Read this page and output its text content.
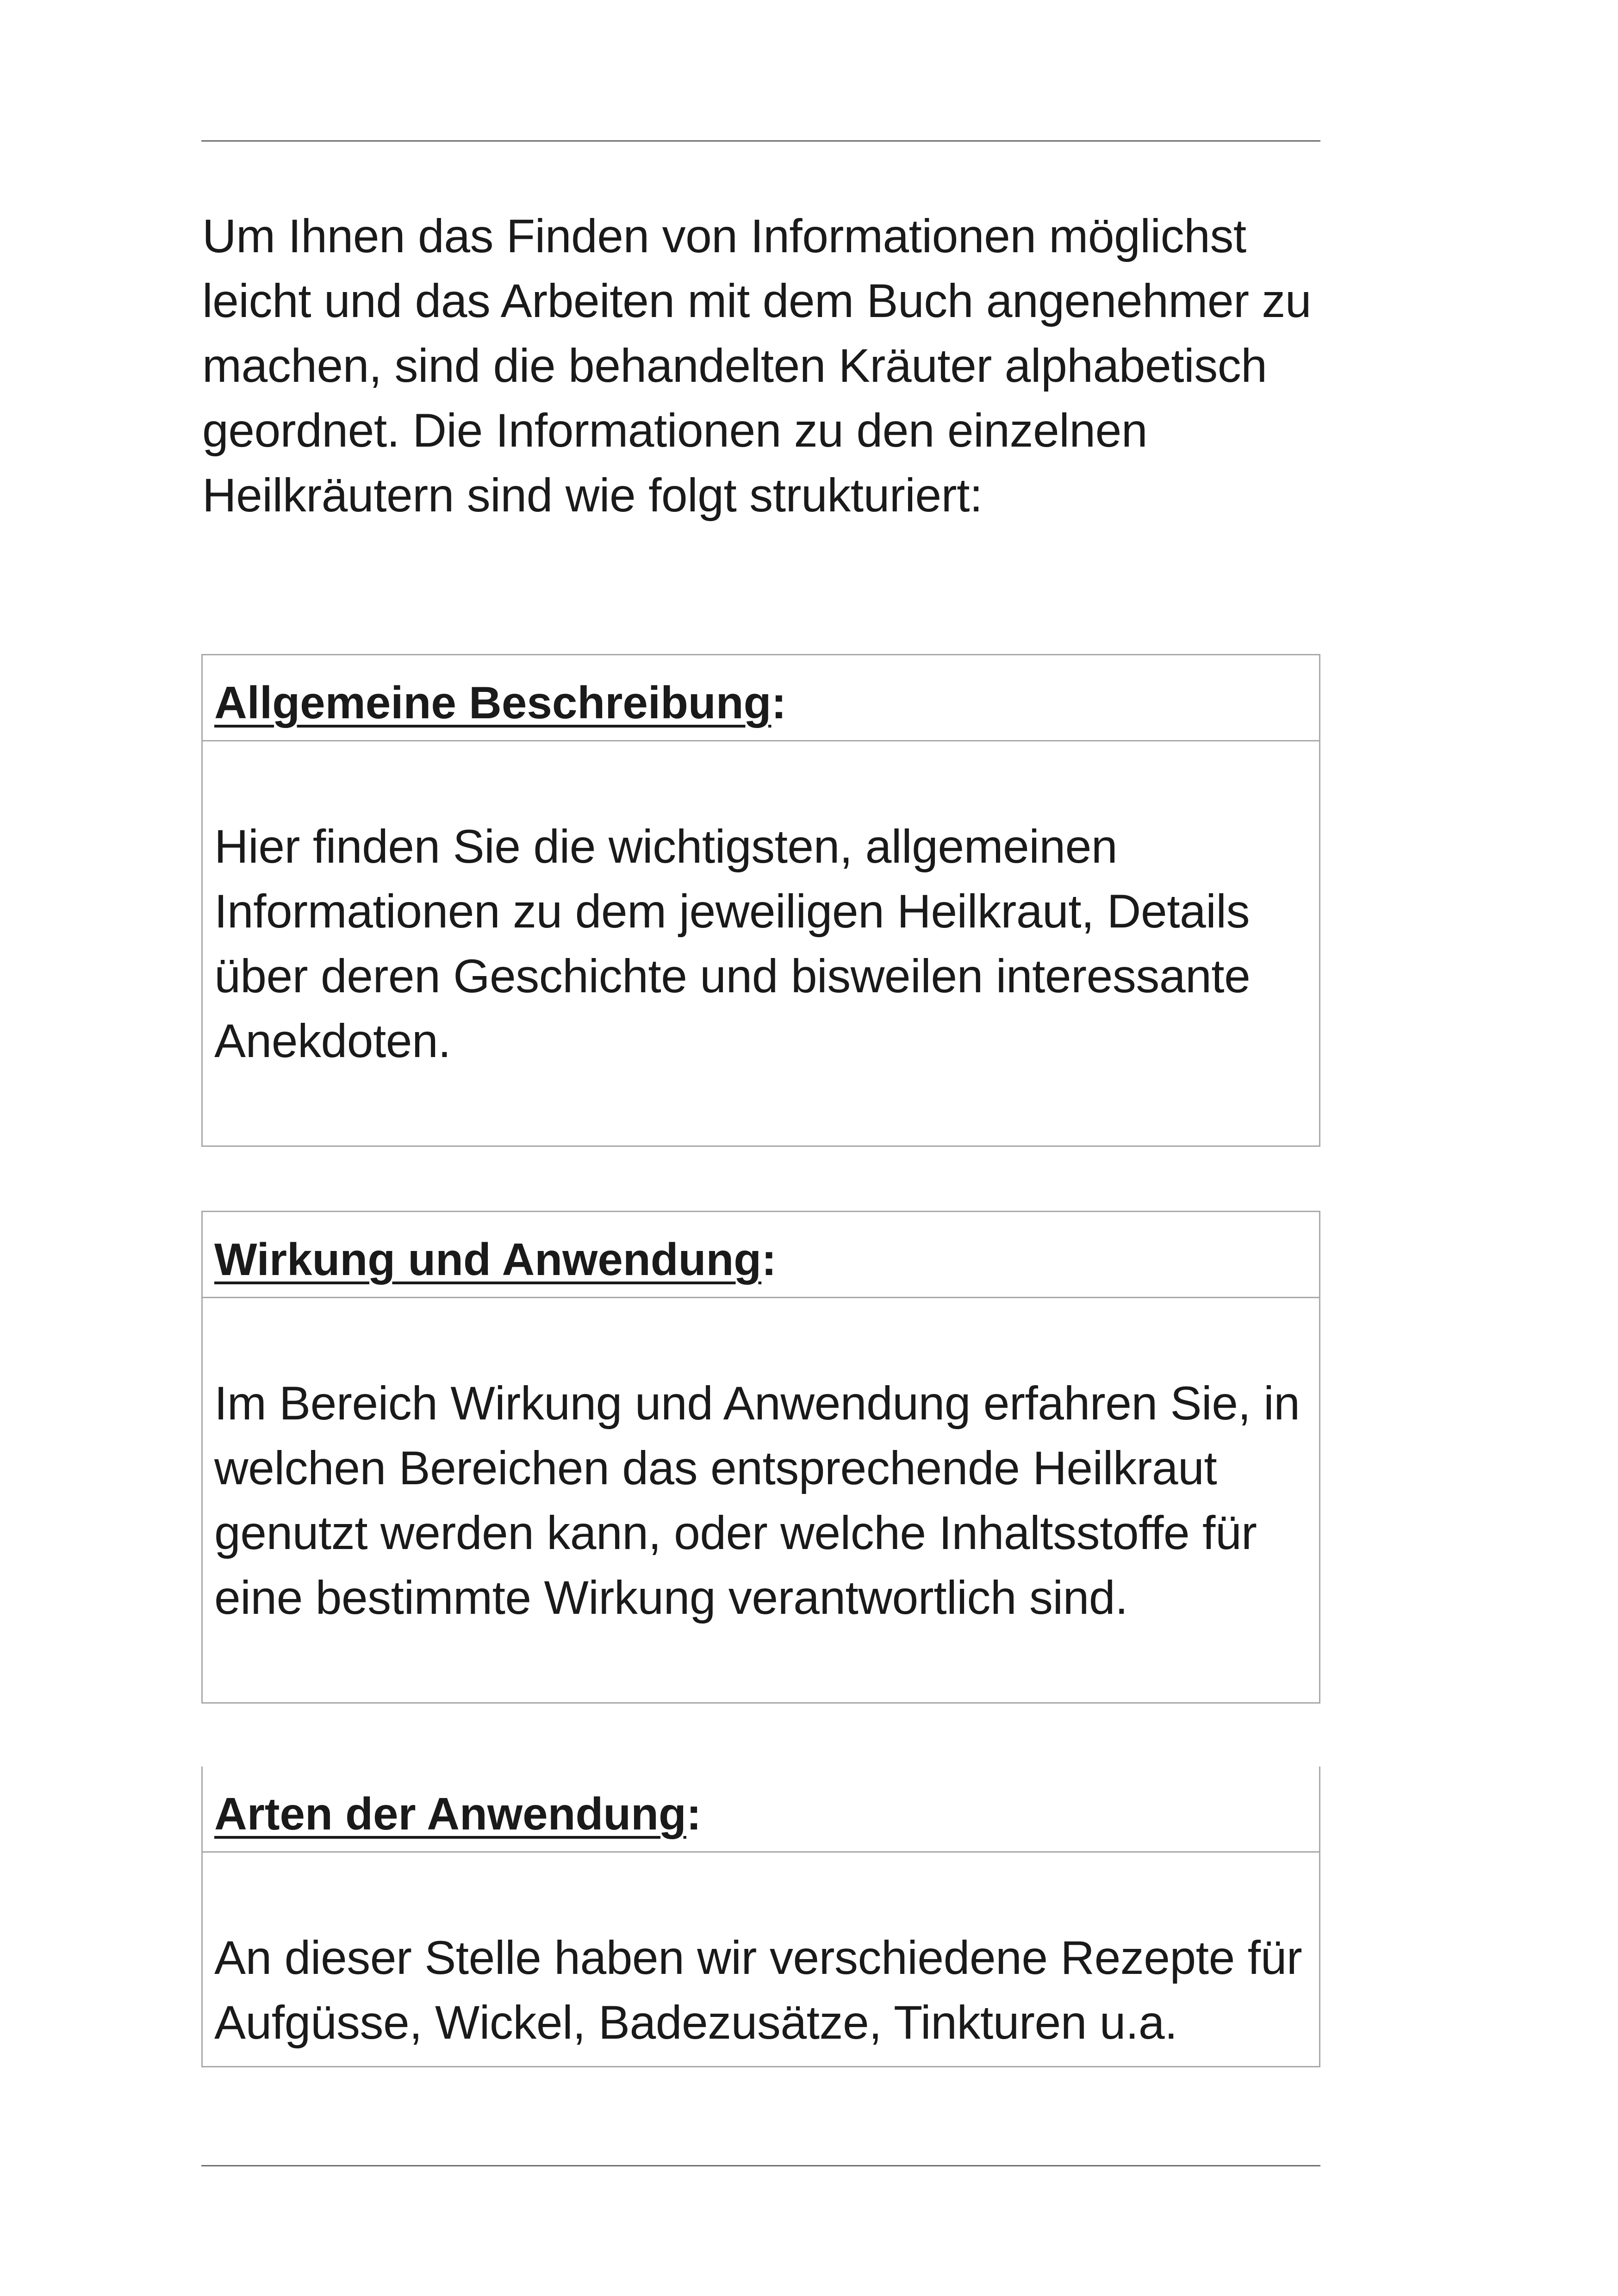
Um Ihnen das Finden von Informationen möglichst leicht und das Arbeiten mit dem Buch angenehmer zu machen, sind die behandelten Kräuter alphabetisch geordnet. Die Informationen zu den einzelnen Heilkräutern sind wie folgt strukturiert:

Allgemeine Beschreibung:
Hier finden Sie die wichtigsten, allgemeinen Informationen zu dem jeweiligen Heilkraut, Details über deren Geschichte und bisweilen interessante Anekdoten.
Wirkung und Anwendung:
Im Bereich Wirkung und Anwendung erfahren Sie, in welchen Bereichen das entsprechende Heilkraut genutzt werden kann, oder welche Inhaltsstoffe für eine bestimmte Wirkung verantwortlich sind.
Arten der Anwendung:
An dieser Stelle haben wir verschiedene Rezepte für Aufgüsse, Wickel, Badezusätze, Tinkturen u.a.
